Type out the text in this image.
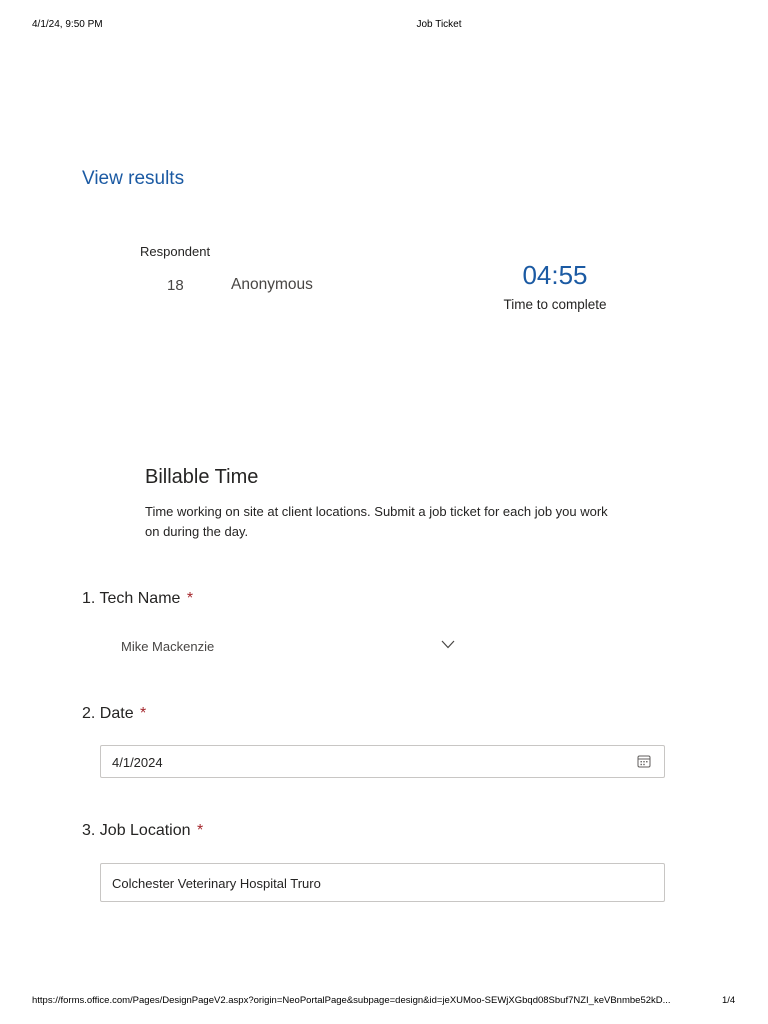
4/1/24, 9:50 PM	Job Ticket
View results
Respondent
18	Anonymous	04:55
Time to complete
Billable Time
Time working on site at client locations. Submit a job ticket for each job you work on during the day.
1. Tech Name *
Mike Mackenzie
2. Date *
4/1/2024
3. Job Location *
Colchester Veterinary Hospital Truro
https://forms.office.com/Pages/DesignPageV2.aspx?origin=NeoPortalPage&subpage=design&id=jeXUMoo-SEWjXGbqd08Sbuf7NZI_keVBnmbe52kD...	1/4
